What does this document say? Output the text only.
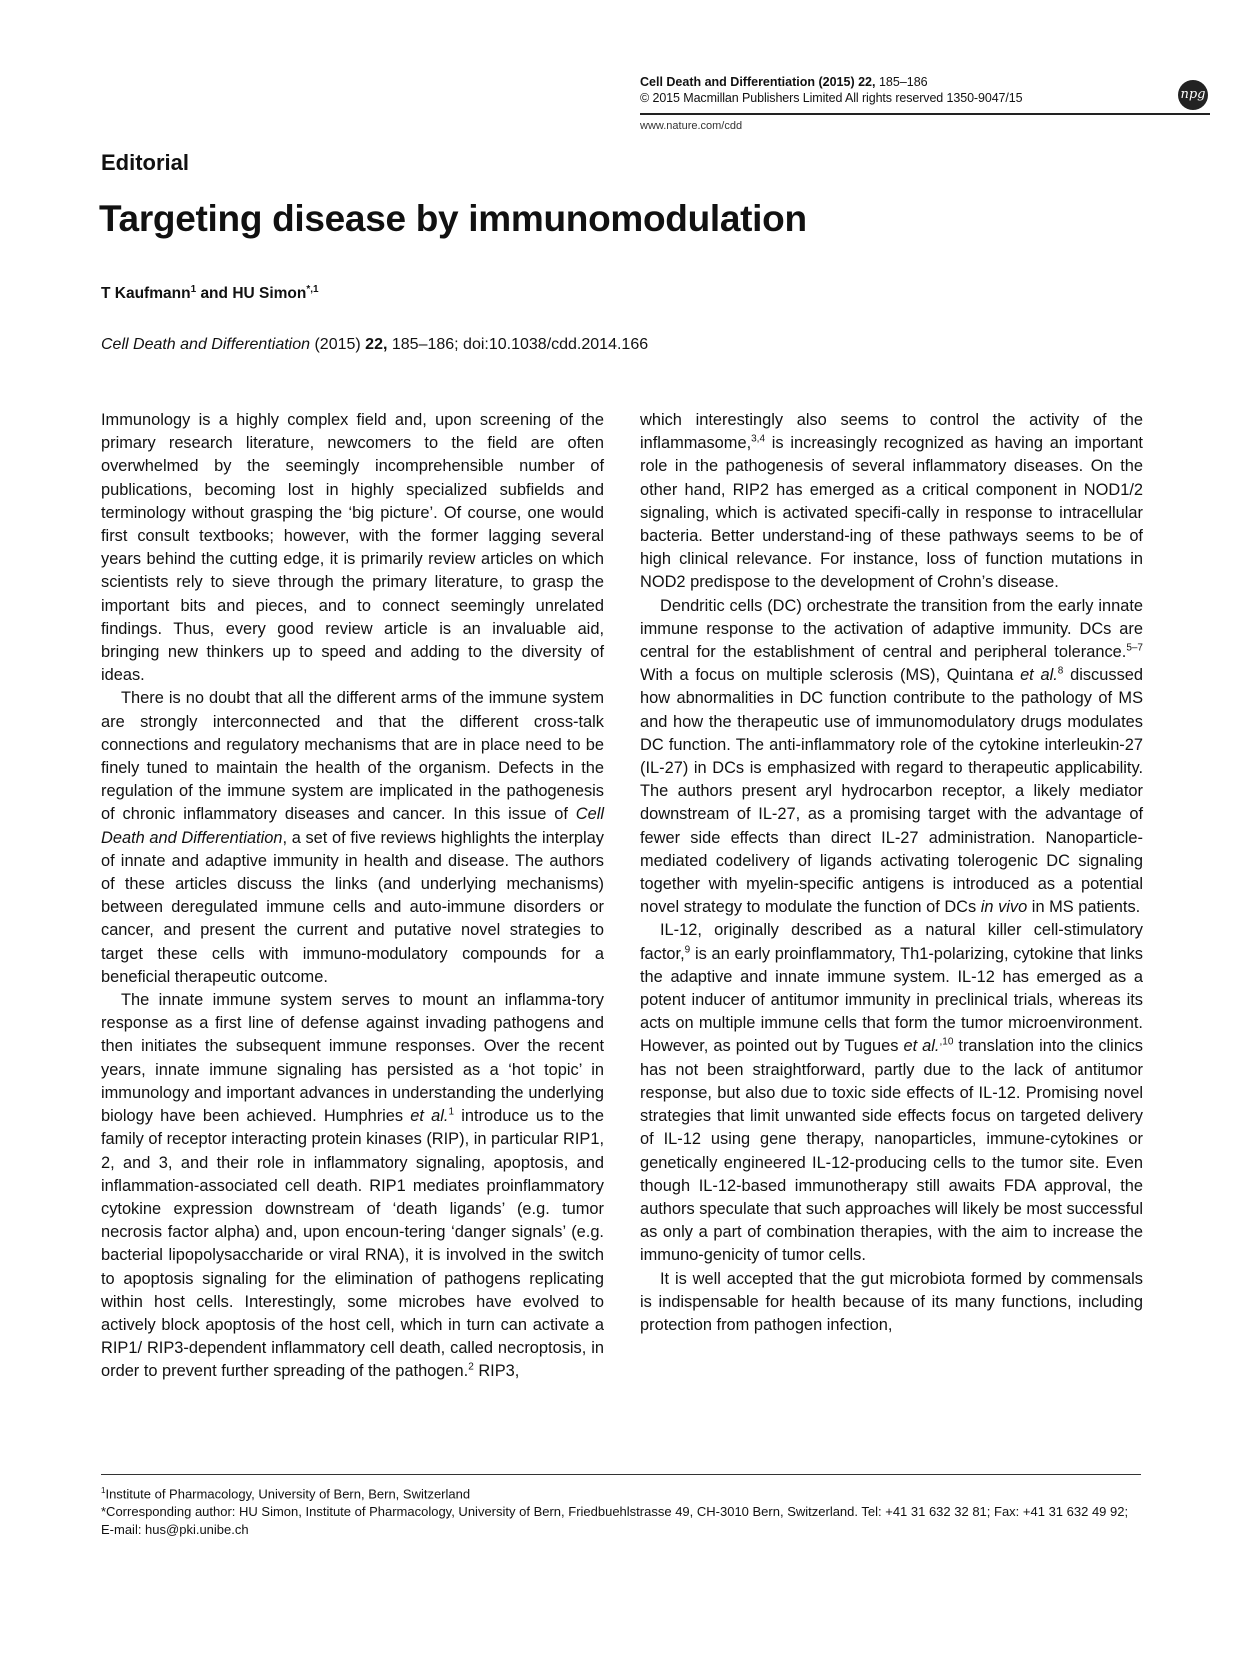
Cell Death and Differentiation (2015) 22, 185–186
© 2015 Macmillan Publishers Limited All rights reserved 1350-9047/15	npg
www.nature.com/cdd
Editorial
Targeting disease by immunomodulation
T Kaufmann$^1$ and HU Simon$^{*,1}$
Cell Death and Differentiation (2015) 22, 185–186; doi:10.1038/cdd.2014.166

Immunology is a highly complex field and, upon screening of the primary research literature, newcomers to the field are often overwhelmed by the seemingly incomprehensible number of publications, becoming lost in highly specialized subfields and terminology without grasping the ‘big picture’. Of course, one would first consult textbooks; however, with the former lagging several years behind the cutting edge, it is primarily review articles on which scientists rely to sieve through the primary literature, to grasp the important bits and pieces, and to connect seemingly unrelated findings. Thus, every good review article is an invaluable aid, bringing new thinkers up to speed and adding to the diversity of ideas.

There is no doubt that all the different arms of the immune system are strongly interconnected and that the different cross-talk connections and regulatory mechanisms that are in place need to be finely tuned to maintain the health of the organism. Defects in the regulation of the immune system are implicated in the pathogenesis of chronic inflammatory diseases and cancer. In this issue of Cell Death and Differentiation, a set of five reviews highlights the interplay of innate and adaptive immunity in health and disease. The authors of these articles discuss the links (and underlying mechanisms) between deregulated immune cells and auto-immune disorders or cancer, and present the current and putative novel strategies to target these cells with immuno-modulatory compounds for a beneficial therapeutic outcome.

The innate immune system serves to mount an inflamma-tory response as a first line of defense against invading pathogens and then initiates the subsequent immune responses. Over the recent years, innate immune signaling has persisted as a ‘hot topic’ in immunology and important advances in understanding the underlying biology have been achieved. Humphries et al.$^1$ introduce us to the family of receptor interacting protein kinases (RIP), in particular RIP1, 2, and 3, and their role in inflammatory signaling, apoptosis, and inflammation-associated cell death. RIP1 mediates proinflammatory cytokine expression downstream of ‘death ligands’ (e.g. tumor necrosis factor alpha) and, upon encoun-tering ‘danger signals’ (e.g. bacterial lipopolysaccharide or viral RNA), it is involved in the switch to apoptosis signaling for the elimination of pathogens replicating within host cells. Interestingly, some microbes have evolved to actively block apoptosis of the host cell, which in turn can activate a RIP1/ RIP3-dependent inflammatory cell death, called necroptosis, in order to prevent further spreading of the pathogen.$^2$ RIP3,

which interestingly also seems to control the activity of the inflammasome,$^{3,4}$ is increasingly recognized as having an important role in the pathogenesis of several inflammatory diseases. On the other hand, RIP2 has emerged as a critical component in NOD1/2 signaling, which is activated specifi-cally in response to intracellular bacteria. Better understand-ing of these pathways seems to be of high clinical relevance. For instance, loss of function mutations in NOD2 predispose to the development of Crohn’s disease.

Dendritic cells (DC) orchestrate the transition from the early innate immune response to the activation of adaptive immunity. DCs are central for the establishment of central and peripheral tolerance.$^{5-7}$ With a focus on multiple sclerosis (MS), Quintana et al.$^8$ discussed how abnormalities in DC function contribute to the pathology of MS and how the therapeutic use of immunomodulatory drugs modulates DC function. The anti-inflammatory role of the cytokine interleukin-27 (IL-27) in DCs is emphasized with regard to therapeutic applicability. The authors present aryl hydrocarbon receptor, a likely mediator downstream of IL-27, as a promising target with the advantage of fewer side effects than direct IL-27 administration. Nanoparticle-mediated codelivery of ligands activating tolerogenic DC signaling together with myelin-specific antigens is introduced as a potential novel strategy to modulate the function of DCs in vivo in MS patients.

IL-12, originally described as a natural killer cell-stimulatory factor,$^9$ is an early proinflammatory, Th1-polarizing, cytokine that links the adaptive and innate immune system. IL-12 has emerged as a potent inducer of antitumor immunity in preclinical trials, whereas its acts on multiple immune cells that form the tumor microenvironment. However, as pointed out by Tugues et al.$^{,10}$ translation into the clinics has not been straightforward, partly due to the lack of antitumor response, but also due to toxic side effects of IL-12. Promising novel strategies that limit unwanted side effects focus on targeted delivery of IL-12 using gene therapy, nanoparticles, immune-cytokines or genetically engineered IL-12-producing cells to the tumor site. Even though IL-12-based immunotherapy still awaits FDA approval, the authors speculate that such approaches will likely be most successful as only a part of combination therapies, with the aim to increase the immuno-genicity of tumor cells.

It is well accepted that the gut microbiota formed by commensals is indispensable for health because of its many functions, including protection from pathogen infection,

$^1$Institute of Pharmacology, University of Bern, Bern, Switzerland
*Corresponding author: HU Simon, Institute of Pharmacology, University of Bern, Friedbuehlstrasse 49, CH-3010 Bern, Switzerland. Tel: +41 31 632 32 81; Fax: +41 31 632 49 92; E-mail: hus@pki.unibe.ch
